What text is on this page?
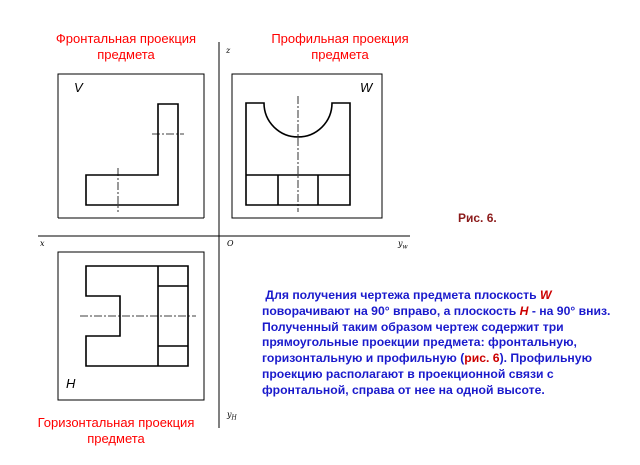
Фронтальная проекция
предмета
Профильная проекция
предмета
Горизонтальная проекция
предмета
z
x	O	$y_w$
$y_H$
V	W
H
Рис. 6.
Для получения чертежа предмета плоскость W поворачивают на 90° вправо, а плоскость H - на 90° вниз. Полученный таким образом чертеж содержит три прямоугольные проекции предмета: фронтальную, горизонтальную и профильную (рис. 6). Профильную проекцию располагают в проекционной связи с фронтальной, справа от нее на одной высоте.
